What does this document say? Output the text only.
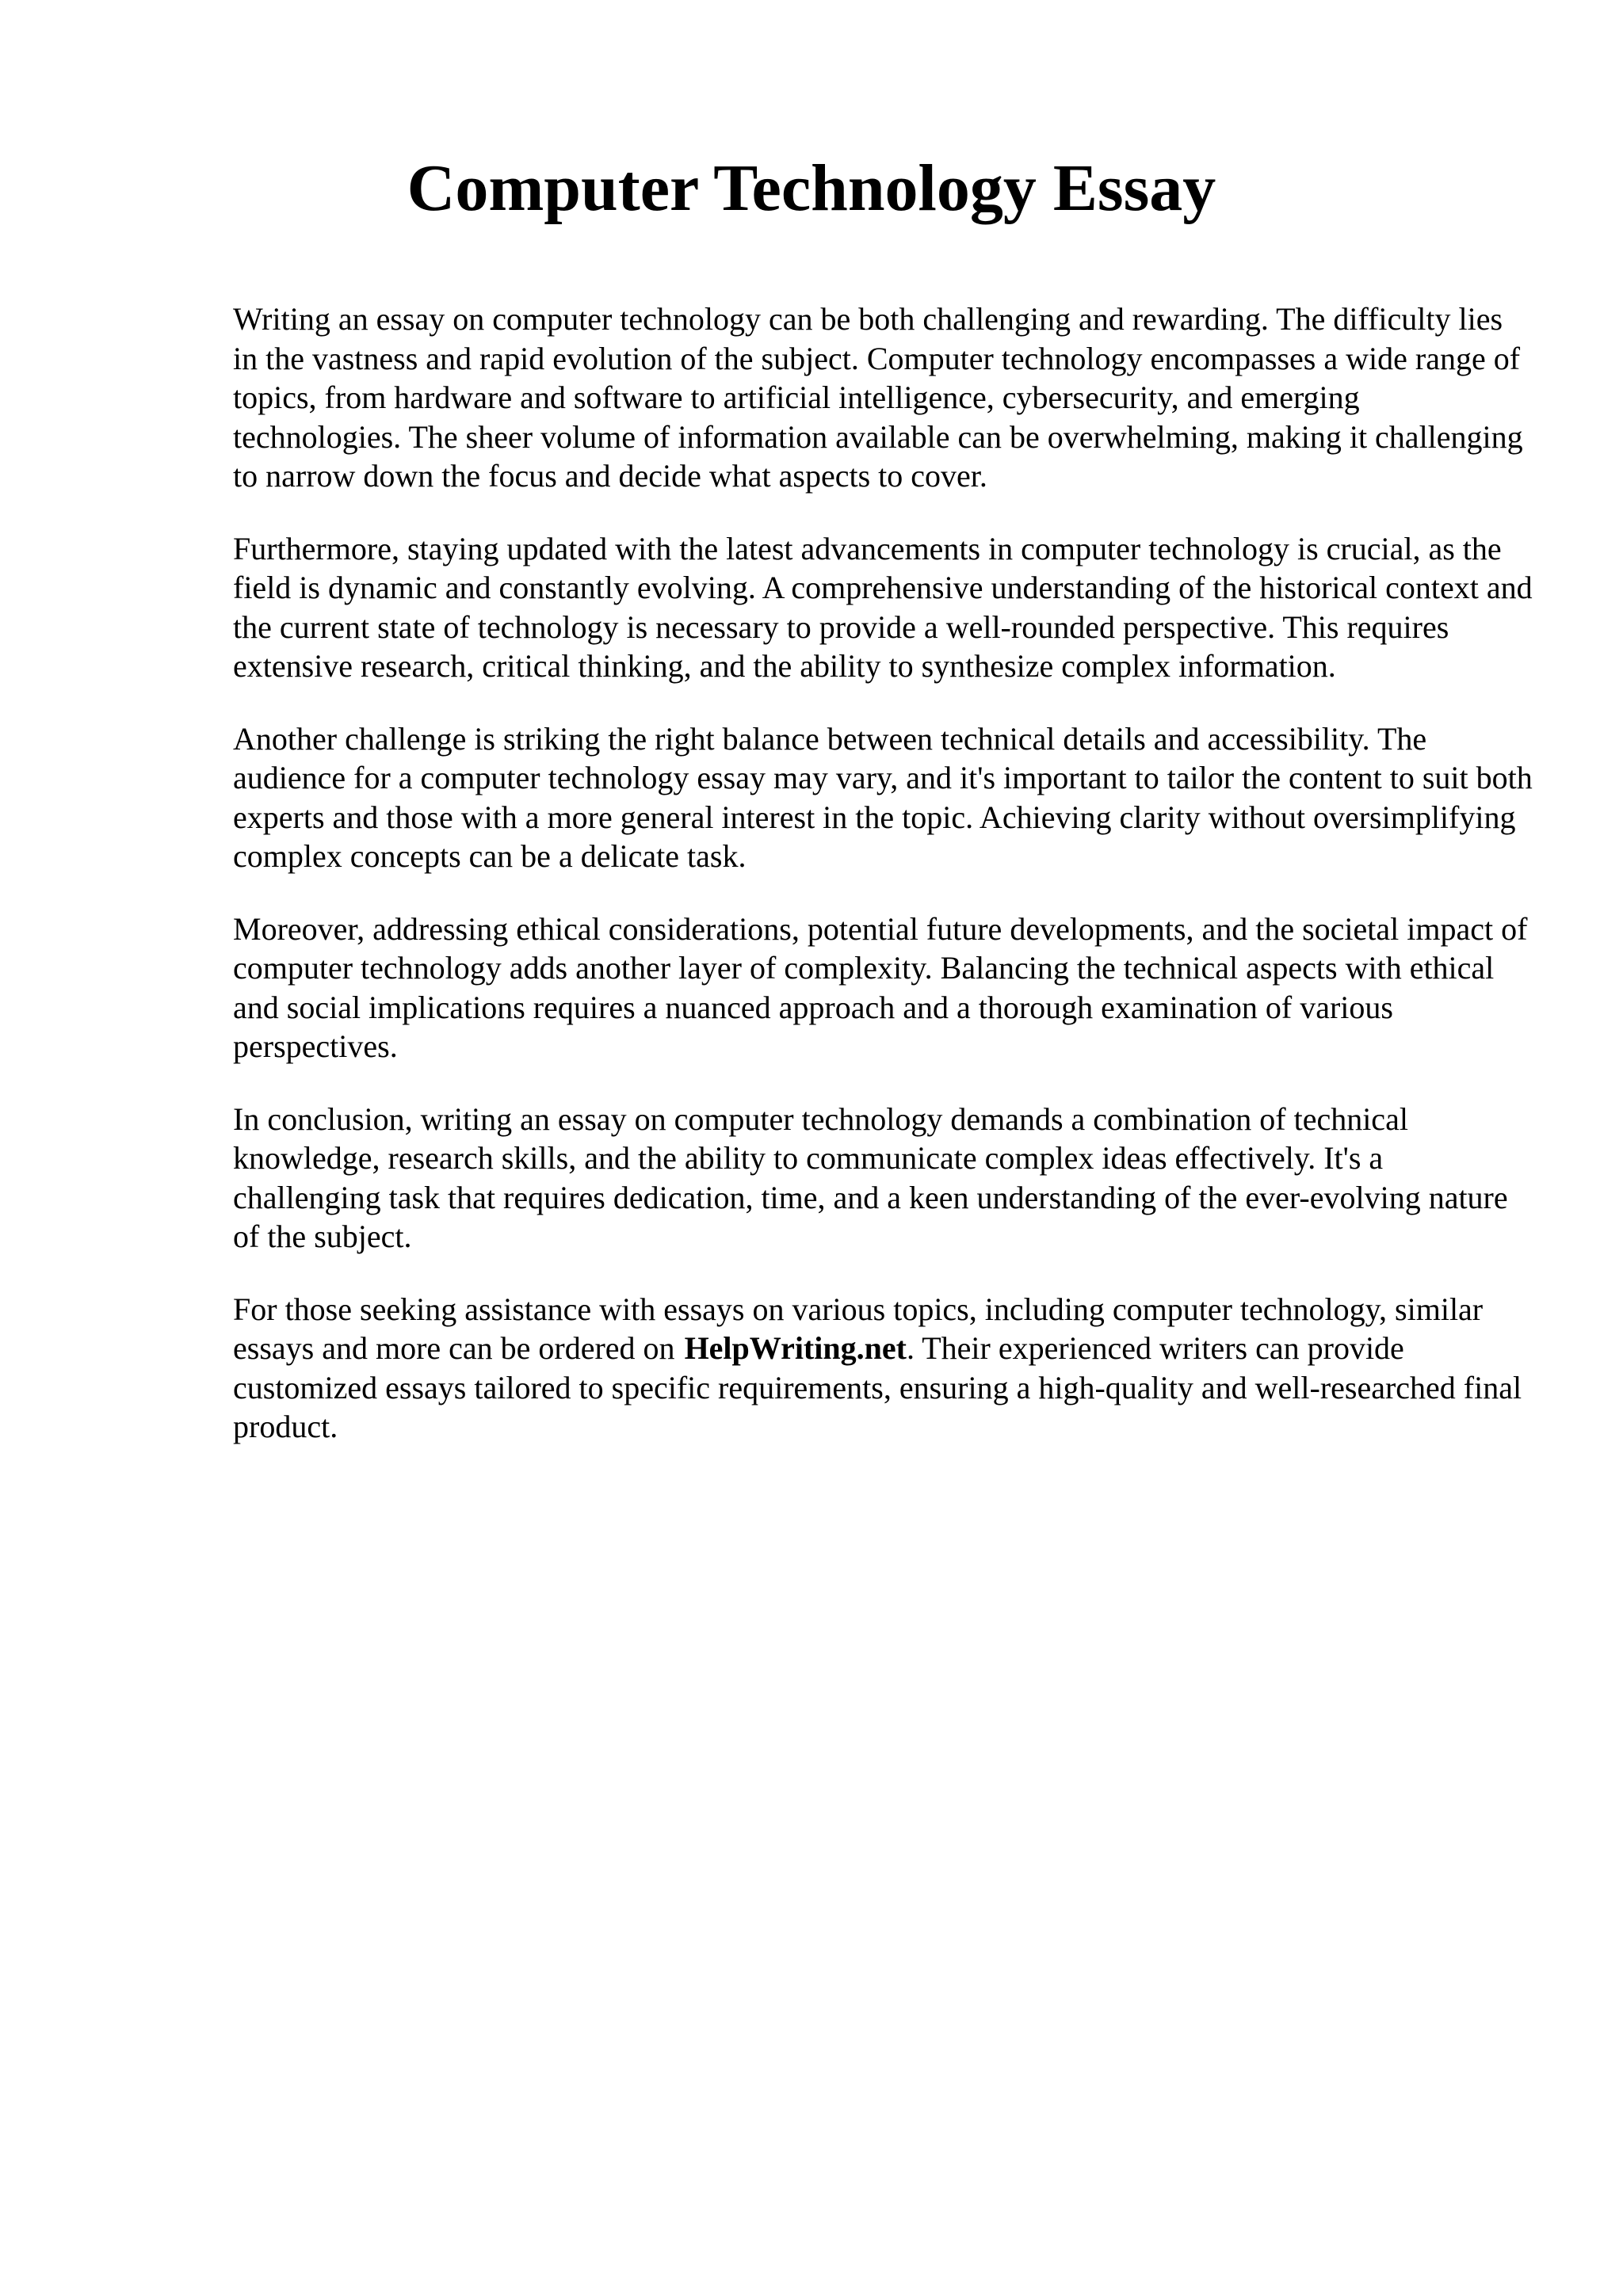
Computer Technology Essay

Writing an essay on computer technology can be both challenging and rewarding. The difficulty lies in the vastness and rapid evolution of the subject. Computer technology encompasses a wide range of topics, from hardware and software to artificial intelligence, cybersecurity, and emerging technologies. The sheer volume of information available can be overwhelming, making it challenging to narrow down the focus and decide what aspects to cover.

Furthermore, staying updated with the latest advancements in computer technology is crucial, as the field is dynamic and constantly evolving. A comprehensive understanding of the historical context and the current state of technology is necessary to provide a well-rounded perspective. This requires extensive research, critical thinking, and the ability to synthesize complex information.

Another challenge is striking the right balance between technical details and accessibility. The audience for a computer technology essay may vary, and it's important to tailor the content to suit both experts and those with a more general interest in the topic. Achieving clarity without oversimplifying complex concepts can be a delicate task.

Moreover, addressing ethical considerations, potential future developments, and the societal impact of computer technology adds another layer of complexity. Balancing the technical aspects with ethical and social implications requires a nuanced approach and a thorough examination of various perspectives.

In conclusion, writing an essay on computer technology demands a combination of technical knowledge, research skills, and the ability to communicate complex ideas effectively. It's a challenging task that requires dedication, time, and a keen understanding of the ever-evolving nature of the subject.

For those seeking assistance with essays on various topics, including computer technology, similar essays and more can be ordered on HelpWriting.net. Their experienced writers can provide customized essays tailored to specific requirements, ensuring a high-quality and well-researched final product.
